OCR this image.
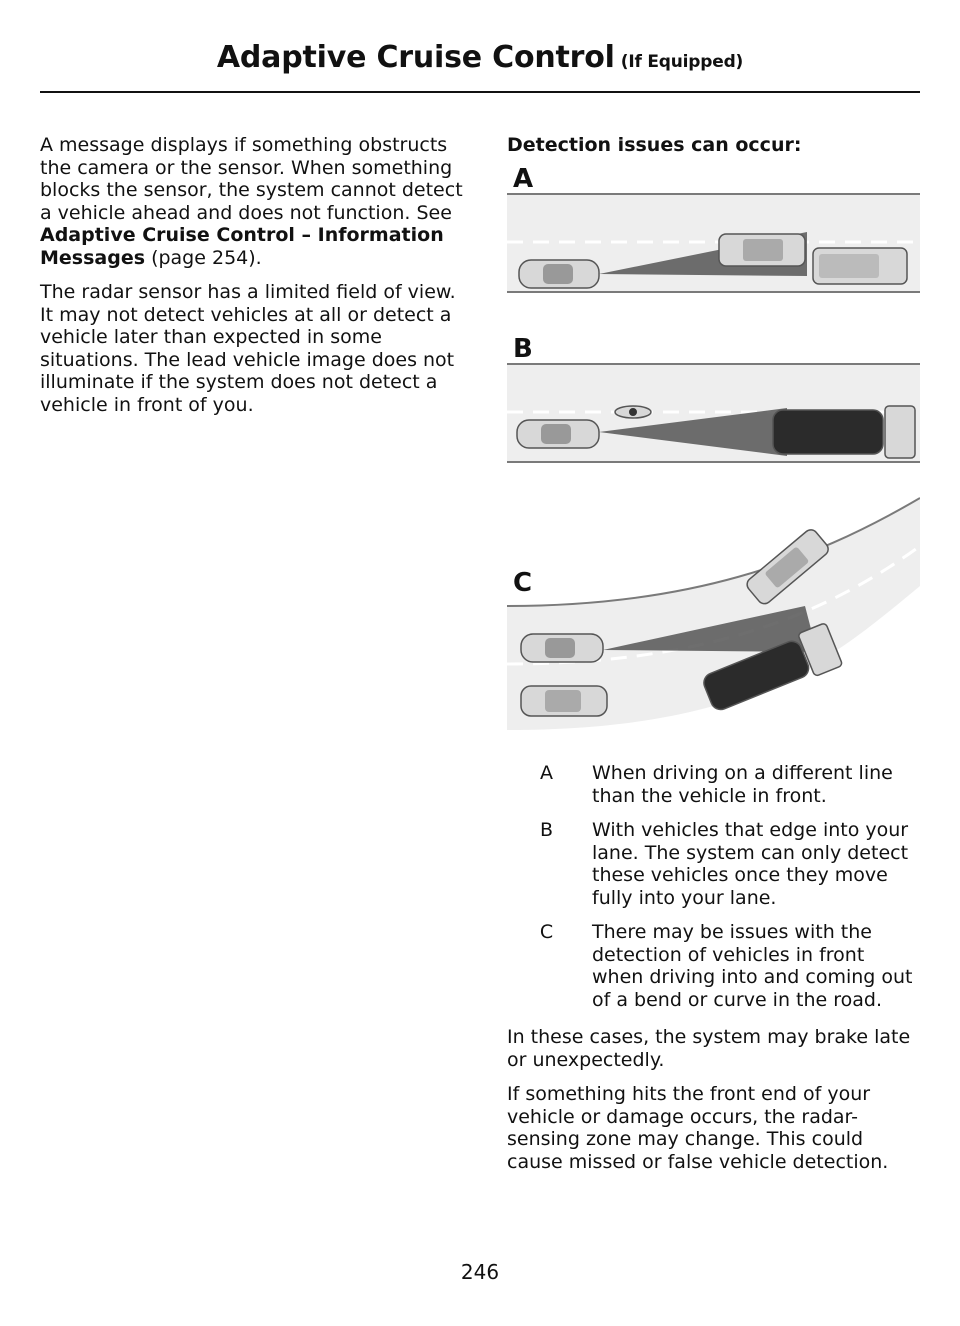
Adaptive Cruise Control (If Equipped)

A message displays if something obstructs the camera or the sensor. When something blocks the sensor, the system cannot detect a vehicle ahead and does not function. See Adaptive Cruise Control – Information Messages (page 254).

The radar sensor has a limited field of view. It may not detect vehicles at all or detect a vehicle later than expected in some situations. The lead vehicle image does not illuminate if the system does not detect a vehicle in front of you.

Detection issues can occur:

A
B
C
A	When driving on a different line than the vehicle in front.
B	With vehicles that edge into your lane. The system can only detect these vehicles once they move fully into your lane.
C	There may be issues with the detection of vehicles in front when driving into and coming out of a bend or curve in the road.

In these cases, the system may brake late or unexpectedly.

If something hits the front end of your vehicle or damage occurs, the radar-sensing zone may change. This could cause missed or false vehicle detection.

246
